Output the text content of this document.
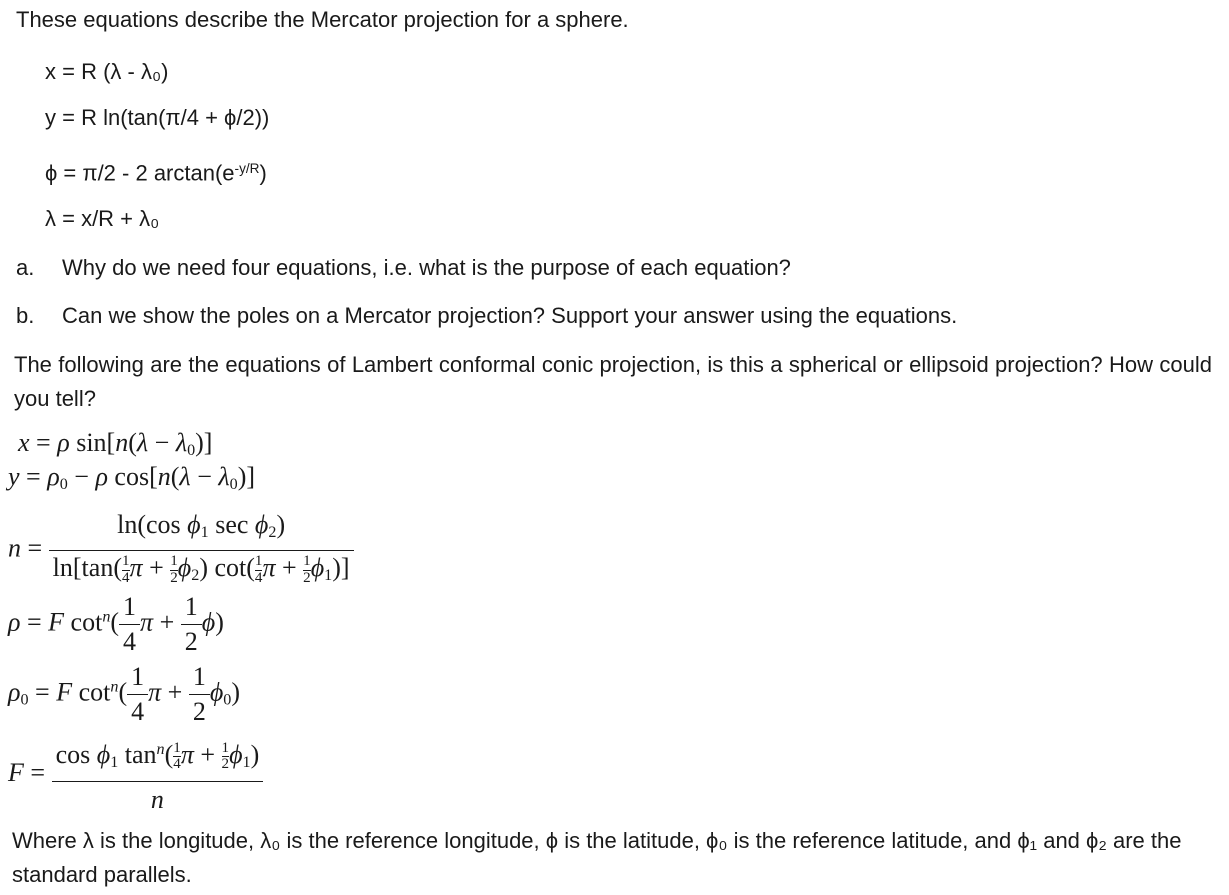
These equations describe the Mercator projection for a sphere.
x = R (λ - λ₀)
y = R ln(tan(π/4 + ϕ/2))
ϕ = π/2 - 2 $\arctan(e^{-y/R})$
λ = x/R + λ₀
a. Why do we need four equations, i.e. what is the purpose of each equation?
b. Can we show the poles on a Mercator projection? Support your answer using the equations.
The following are the equations of Lambert conformal conic projection, is this a spherical or ellipsoid projection? How could you tell?
x = ρ $\sin[n(\lambda - \lambda_0)]$
$y = \rho_0 - \rho$ $\cos[n(\lambda - \lambda_0)]$
$n = \frac{\ln(\cos \phi_1 \sec \phi_2)}{\ln[\tan( \frac{1}{4} \pi + \frac{1}{2} \phi_2) \cot( \frac{1}{4} \pi + \frac{1}{2} \phi_1)]}$
ρ = F $\cot^n( \frac{1}{4}$ $\pi + \frac{1}{2} \phi$)
$\rho_0 = F$ $\cot^n( \frac{1}{4}$ $\pi + \frac{1}{2} \phi_0$)
$F = \frac{\cos \phi_1 \tan^n( \frac{1}{4} \pi + \frac{1}{2} \phi_1)}{n}$
Where λ is the longitude, λ₀ is the reference longitude, ϕ is the latitude, ϕ₀ is the reference latitude, and ϕ₁ and ϕ₂ are the standard parallels.
